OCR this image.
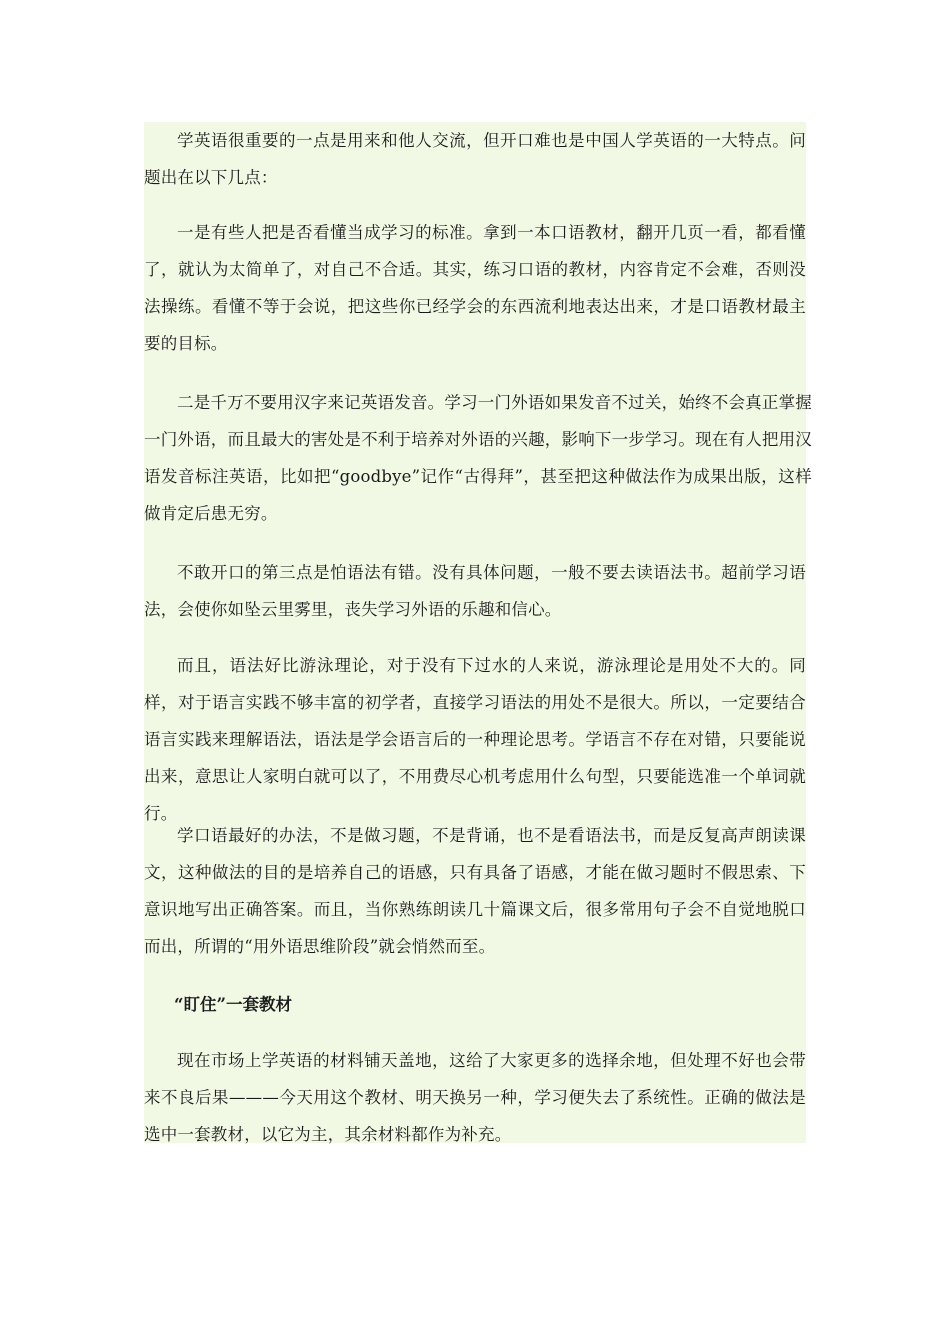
学英语很重要的一点是用来和他人交流，但开口难也是中国人学英语的一大特点。问题出在以下几点：

一是有些人把是否看懂当成学习的标准。拿到一本口语教材，翻开几页一看，都看懂了，就认为太简单了，对自己不合适。其实，练习口语的教材，内容肯定不会难，否则没法操练。看懂不等于会说，把这些你已经学会的东西流利地表达出来，才是口语教材最主要的目标。

二是千万不要用汉字来记英语发音。学习一门外语如果发音不过关，始终不会真正掌握一门外语，而且最大的害处是不利于培养对外语的兴趣，影响下一步学习。现在有人把用汉语发音标注英语，比如把“goodbye”记作“古得拜”，甚至把这种做法作为成果出版，这样做肯定后患无穷。

不敢开口的第三点是怕语法有错。没有具体问题，一般不要去读语法书。超前学习语法，会使你如坠云里雾里，丧失学习外语的乐趣和信心。

而且，语法好比游泳理论，对于没有下过水的人来说，游泳理论是用处不大的。同样，对于语言实践不够丰富的初学者，直接学习语法的用处不是很大。所以，一定要结合语言实践来理解语法，语法是学会语言后的一种理论思考。学语言不存在对错，只要能说出来，意思让人家明白就可以了，不用费尽心机考虑用什么句型，只要能选准一个单词就行。

学口语最好的办法，不是做习题，不是背诵，也不是看语法书，而是反复高声朗读课文，这种做法的目的是培养自己的语感，只有具备了语感，才能在做习题时不假思索、下意识地写出正确答案。而且，当你熟练朗读几十篇课文后，很多常用句子会不自觉地脱口而出，所谓的“用外语思维阶段”就会悄然而至。

“盯住”一套教材

现在市场上学英语的材料铺天盖地，这给了大家更多的选择余地，但处理不好也会带来不良后果———今天用这个教材、明天换另一种，学习便失去了系统性。正确的做法是选中一套教材，以它为主，其余材料都作为补充。
